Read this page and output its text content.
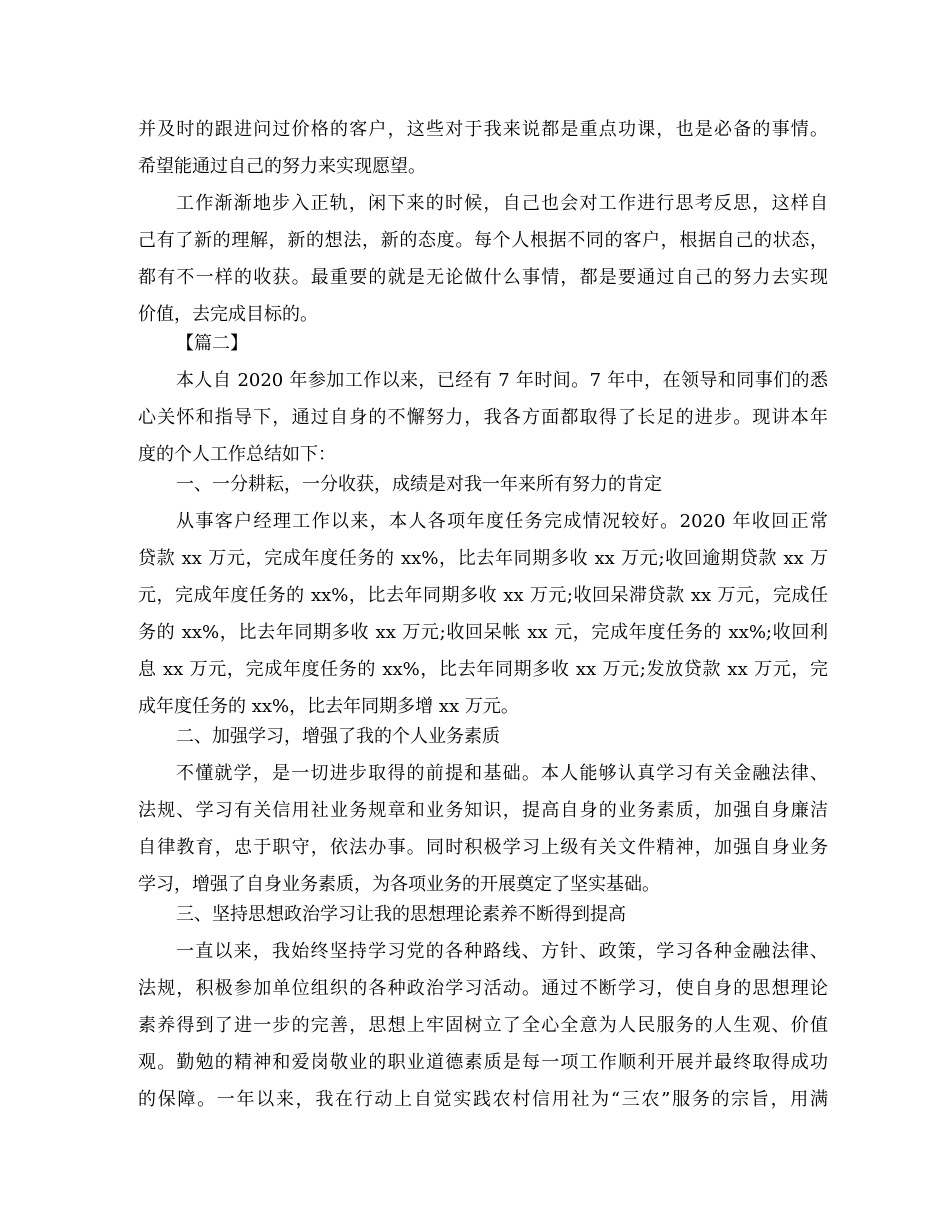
并及时的跟进问过价格的客户，这些对于我来说都是重点功课，也是必备的事情。
希望能通过自己的努力来实现愿望。
工作渐渐地步入正轨，闲下来的时候，自己也会对工作进行思考反思，这样自
己有了新的理解，新的想法，新的态度。每个人根据不同的客户，根据自己的状态，
都有不一样的收获。最重要的就是无论做什么事情，都是要通过自己的努力去实现
价值，去完成目标的。
【篇二】
本人自 2020 年参加工作以来，已经有 7 年时间。7 年中，在领导和同事们的悉
心关怀和指导下，通过自身的不懈努力，我各方面都取得了长足的进步。现讲本年
度的个人工作总结如下：
一、一分耕耘，一分收获，成绩是对我一年来所有努力的肯定
从事客户经理工作以来，本人各项年度任务完成情况较好。2020 年收回正常
贷款 xx 万元，完成年度任务的 xx%，比去年同期多收 xx 万元;收回逾期贷款 xx 万
元，完成年度任务的 xx%，比去年同期多收 xx 万元;收回呆滞贷款 xx 万元，完成任
务的 xx%，比去年同期多收 xx 万元;收回呆帐 xx 元，完成年度任务的 xx%;收回利
息 xx 万元，完成年度任务的 xx%，比去年同期多收 xx 万元;发放贷款 xx 万元，完
成年度任务的 xx%，比去年同期多增 xx 万元。
二、加强学习，增强了我的个人业务素质
不懂就学，是一切进步取得的前提和基础。本人能够认真学习有关金融法律、
法规、学习有关信用社业务规章和业务知识，提高自身的业务素质，加强自身廉洁
自律教育，忠于职守，依法办事。同时积极学习上级有关文件精神，加强自身业务
学习，增强了自身业务素质，为各项业务的开展奠定了坚实基础。
三、坚持思想政治学习让我的思想理论素养不断得到提高
一直以来，我始终坚持学习党的各种路线、方针、政策，学习各种金融法律、
法规，积极参加单位组织的各种政治学习活动。通过不断学习，使自身的思想理论
素养得到了进一步的完善，思想上牢固树立了全心全意为人民服务的人生观、价值
观。勤勉的精神和爱岗敬业的职业道德素质是每一项工作顺利开展并最终取得成功
的保障。一年以来，我在行动上自觉实践农村信用社为“三农”服务的宗旨，用满
